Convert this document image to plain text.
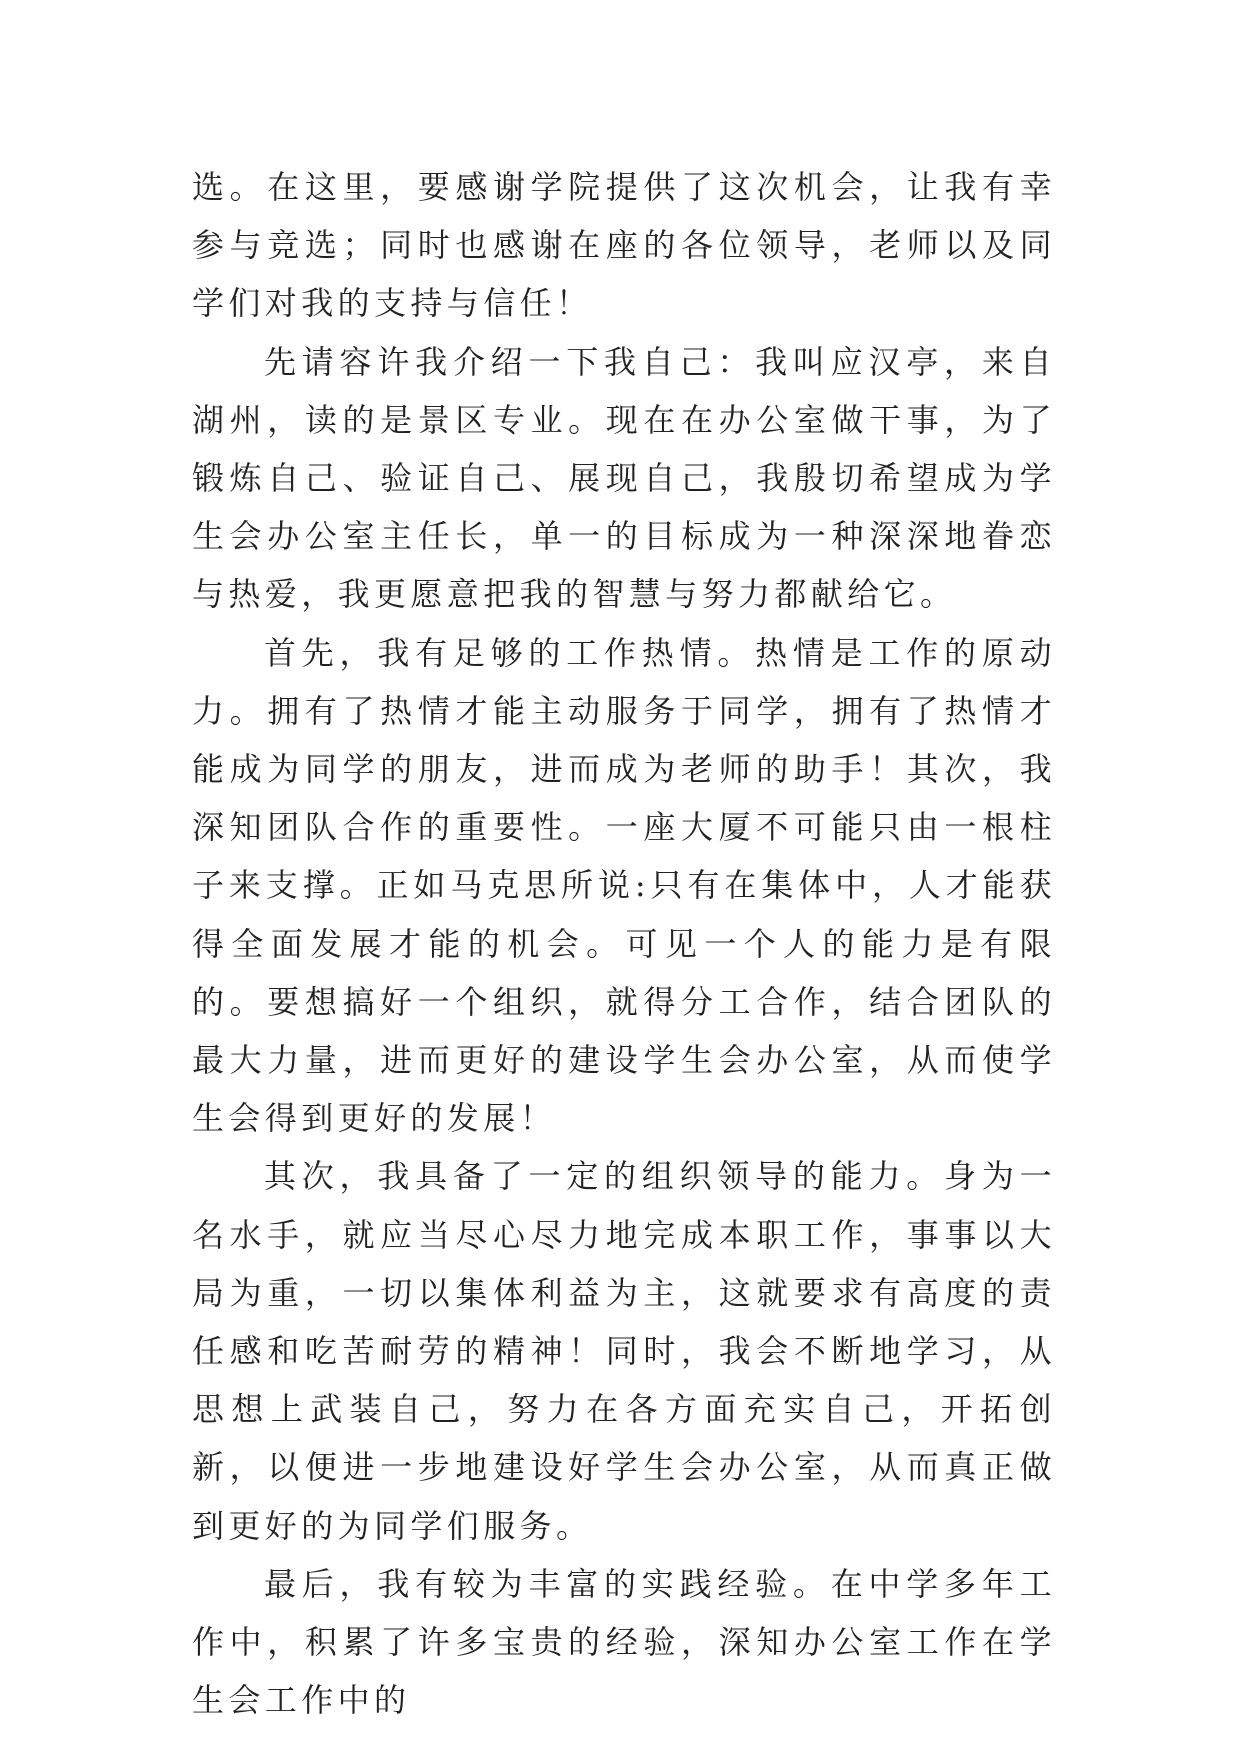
选。在这里，要感谢学院提供了这次机会，让我有幸参与竞选；同时也感谢在座的各位领导，老师以及同学们对我的支持与信任！

先请容许我介绍一下我自己：我叫应汉亭，来自湖州，读的是景区专业。现在在办公室做干事，为了锻炼自己、验证自己、展现自己，我殷切希望成为学生会办公室主任长，单一的目标成为一种深深地眷恋与热爱，我更愿意把我的智慧与努力都献给它。

首先，我有足够的工作热情。热情是工作的原动力。拥有了热情才能主动服务于同学，拥有了热情才能成为同学的朋友，进而成为老师的助手！其次，我深知团队合作的重要性。一座大厦不可能只由一根柱子来支撑。正如马克思所说:只有在集体中，人才能获得全面发展才能的机会。可见一个人的能力是有限的。要想搞好一个组织，就得分工合作，结合团队的最大力量，进而更好的建设学生会办公室，从而使学生会得到更好的发展！

其次，我具备了一定的组织领导的能力。身为一名水手，就应当尽心尽力地完成本职工作，事事以大局为重，一切以集体利益为主，这就要求有高度的责任感和吃苦耐劳的精神！同时，我会不断地学习，从思想上武装自己，努力在各方面充实自己，开拓创新，以便进一步地建设好学生会办公室，从而真正做到更好的为同学们服务。

最后，我有较为丰富的实践经验。在中学多年工作中，积累了许多宝贵的经验，深知办公室工作在学生会工作中的
